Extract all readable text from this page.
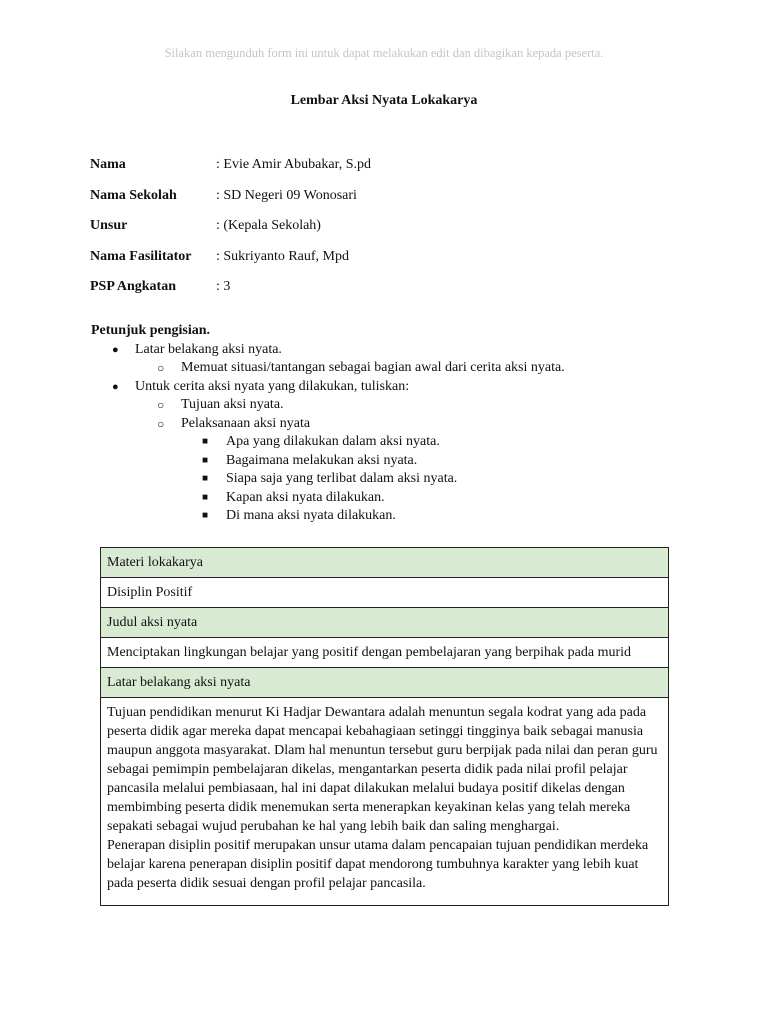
Silakan mengunduh form ini untuk dapat melakukan edit dan dibagikan kepada peserta.
Lembar Aksi Nyata Lokakarya
Nama	: Evie Amir Abubakar, S.pd
Nama Sekolah	: SD Negeri 09 Wonosari
Unsur	: (Kepala Sekolah)
Nama Fasilitator	: Sukriyanto Rauf, Mpd
PSP Angkatan	: 3
Petunjuk pengisian.
● Latar belakang aksi nyata.
○ Memuat situasi/tantangan sebagai bagian awal dari cerita aksi nyata.
● Untuk cerita aksi nyata yang dilakukan, tuliskan:
○ Tujuan aksi nyata.
○ Pelaksanaan aksi nyata
■ Apa yang dilakukan dalam aksi nyata.
■ Bagaimana melakukan aksi nyata.
■ Siapa saja yang terlibat dalam aksi nyata.
■ Kapan aksi nyata dilakukan.
■ Di mana aksi nyata dilakukan.
Materi lokakarya
Disiplin Positif
Judul aksi nyata
Menciptakan lingkungan belajar yang positif dengan pembelajaran yang berpihak pada murid
Latar belakang aksi nyata

Tujuan pendidikan menurut Ki Hadjar Dewantara adalah menuntun segala kodrat yang ada pada peserta didik agar mereka dapat mencapai kebahagiaan setinggi tingginya baik sebagai manusia maupun anggota masyarakat. Dlam hal menuntun tersebut guru berpijak pada nilai dan peran guru sebagai pemimpin pembelajaran dikelas, mengantarkan peserta didik pada nilai profil pelajar pancasila melalui pembiasaan, hal ini dapat dilakukan melalui budaya positif dikelas dengan membimbing peserta didik menemukan serta menerapkan keyakinan kelas yang telah mereka sepakati sebagai wujud perubahan ke hal yang lebih baik dan saling menghargai.
Penerapan disiplin positif merupakan unsur utama dalam pencapaian tujuan pendidikan merdeka belajar karena penerapan disiplin positif dapat mendorong tumbuhnya karakter yang lebih kuat pada peserta didik sesuai dengan profil pelajar pancasila.
